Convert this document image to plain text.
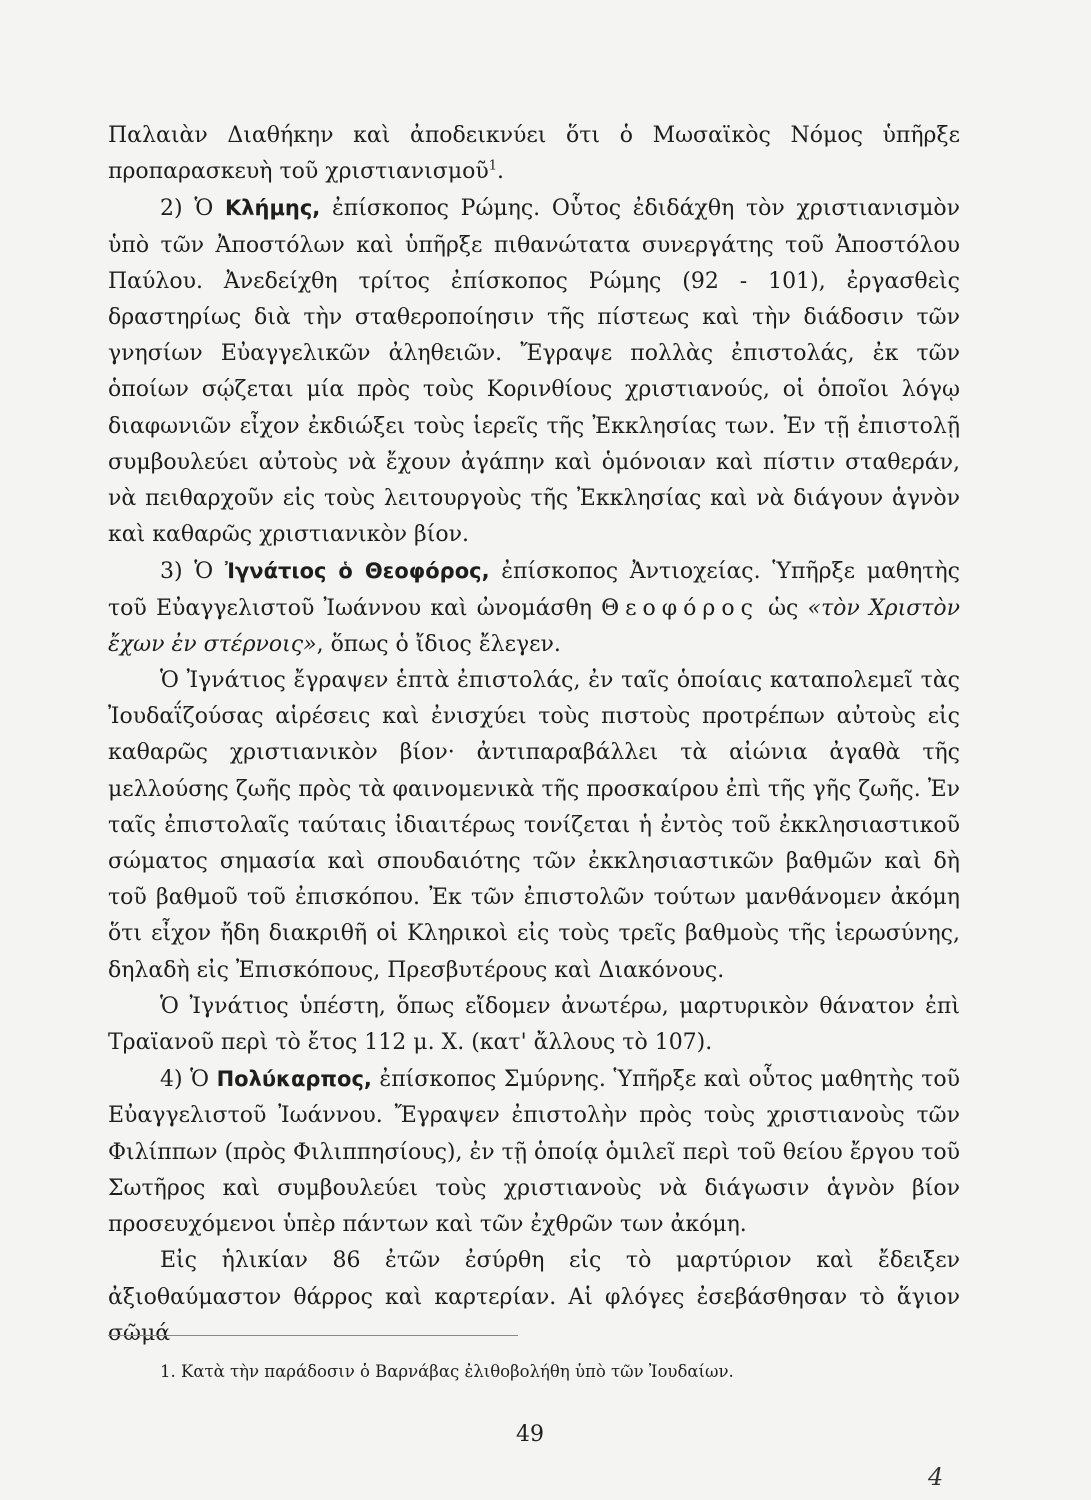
Παλαιὰν Διαθήκην καὶ ἀποδεικνύει ὅτι ὁ Μωσαϊκὸς Νόμος ὑπῆρξε προπαρασκευὴ τοῦ χριστιανισμοῦ$^1$.

2) Ὁ Κλήμης, ἐπίσκοπος Ρώμης. Οὗτος ἐδιδάχθη τὸν χριστιανισμὸν ὑπὸ τῶν Ἀποστόλων καὶ ὑπῆρξε πιθανώτατα συνεργάτης τοῦ Ἀποστόλου Παύλου. Ἀνεδείχθη τρίτος ἐπίσκοπος Ρώμης (92 - 101), ἐργασθεὶς δραστηρίως διὰ τὴν σταθεροποίησιν τῆς πίστεως καὶ τὴν διάδοσιν τῶν γνησίων Εὐαγγελικῶν ἀληθειῶν. Ἔγραψε πολλὰς ἐπιστολάς, ἐκ τῶν ὁποίων σῴζεται μία πρὸς τοὺς Κορινθίους χριστιανούς, οἱ ὁποῖοι λόγῳ διαφωνιῶν εἶχον ἐκδιώξει τοὺς ἱερεῖς τῆς Ἐκκλησίας των. Ἐν τῇ ἐπιστολῇ συμβουλεύει αὐτοὺς νὰ ἔχουν ἀγάπην καὶ ὁμόνοιαν καὶ πίστιν σταθεράν, νὰ πειθαρχοῦν εἰς τοὺς λειτουργοὺς τῆς Ἐκκλησίας καὶ νὰ διάγουν ἁγνὸν καὶ καθαρῶς χριστιανικὸν βίον.

3) Ὁ Ἰγνάτιος ὁ Θεοφόρος, ἐπίσκοπος Ἀντιοχείας. Ὑπῆρξε μαθητὴς τοῦ Εὐαγγελιστοῦ Ἰωάννου καὶ ὠνομάσθη Θεοφόρος ὡς «τὸν Χριστὸν ἔχων ἐν στέρνοις», ὅπως ὁ ἴδιος ἔλεγεν.

Ὁ Ἰγνάτιος ἔγραψεν ἑπτὰ ἐπιστολάς, ἐν ταῖς ὁποίαις καταπολεμεῖ τὰς Ἰουδαΐζούσας αἱρέσεις καὶ ἐνισχύει τοὺς πιστοὺς προτρέπων αὐτοὺς εἰς καθαρῶς χριστιανικὸν βίον· ἀντιπαραβάλλει τὰ αἰώνια ἀγαθὰ τῆς μελλούσης ζωῆς πρὸς τὰ φαινομενικὰ τῆς προσκαίρου ἐπὶ τῆς γῆς ζωῆς. Ἐν ταῖς ἐπιστολαῖς ταύταις ἰδιαιτέρως τονίζεται ἡ ἐντὸς τοῦ ἐκκλησιαστικοῦ σώματος σημασία καὶ σπουδαιότης τῶν ἐκκλησιαστικῶν βαθμῶν καὶ δὴ τοῦ βαθμοῦ τοῦ ἐπισκόπου. Ἐκ τῶν ἐπιστολῶν τούτων μανθάνομεν ἀκόμη ὅτι εἶχον ἤδη διακριθῆ οἱ Κληρικοὶ εἰς τοὺς τρεῖς βαθμοὺς τῆς ἱερωσύνης, δηλαδὴ εἰς Ἐπισκόπους, Πρεσβυτέρους καὶ Διακόνους.

Ὁ Ἰγνάτιος ὑπέστη, ὅπως εἴδομεν ἀνωτέρω, μαρτυρικὸν θάνατον ἐπὶ Τραϊανοῦ περὶ τὸ ἔτος 112 μ. Χ. (κατ' ἄλλους τὸ 107).

4) Ὁ Πολύκαρπος, ἐπίσκοπος Σμύρνης. Ὑπῆρξε καὶ οὗτος μαθητὴς τοῦ Εὐαγγελιστοῦ Ἰωάννου. Ἔγραψεν ἐπιστολὴν πρὸς τοὺς χριστιανοὺς τῶν Φιλίππων (πρὸς Φιλιππησίους), ἐν τῇ ὁποίᾳ ὁμιλεῖ περὶ τοῦ θείου ἔργου τοῦ Σωτῆρος καὶ συμβουλεύει τοὺς χριστιανοὺς νὰ διάγωσιν ἁγνὸν βίον προσευχόμενοι ὑπὲρ πάντων καὶ τῶν ἐχθρῶν των ἀκόμη.

Εἰς ἡλικίαν 86 ἐτῶν ἐσύρθη εἰς τὸ μαρτύριον καὶ ἔδειξεν ἀξιοθαύμαστον θάρρος καὶ καρτερίαν. Αἱ φλόγες ἐσεβάσθησαν τὸ ἅγιον σῶμά

1. Κατὰ τὴν παράδοσιν ὁ Βαρνάβας ἐλιθοβολήθη ὑπὸ τῶν Ἰουδαίων.
49
4
